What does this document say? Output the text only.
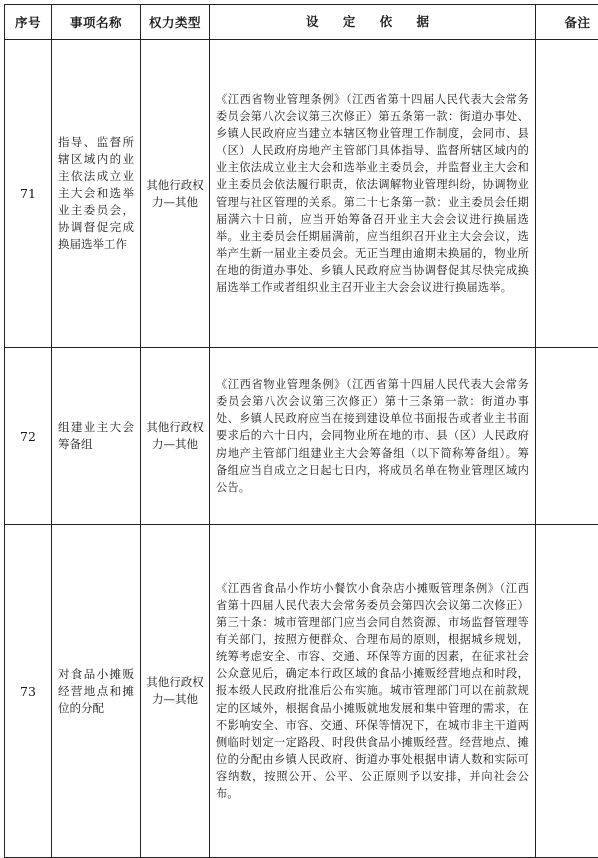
序号	事项名称	权力类型	设 定 依 据	备注
71	指导、监督所辖区域内的业主依法成立业主大会和选举业主委员会，协调督促完成换届选举工作	其他行政权力—其他	《江西省物业管理条例》（江西省第十四届人民代表大会常务委员会第八次会议第三次修正）第五条第一款：街道办事处、乡镇人民政府应当建立本辖区物业管理工作制度，会同市、县（区）人民政府房地产主管部门具体指导、监督所辖区域内的业主依法成立业主大会和选举业主委员会，并监督业主大会和业主委员会依法履行职责，依法调解物业管理纠纷，协调物业管理与社区管理的关系。第二十七条第一款：业主委员会任期届满六十日前，应当开始筹备召开业主大会会议进行换届选举。业主委员会任期届满前，应当组织召开业主大会会议，选举产生新一届业主委员会。无正当理由逾期未换届的，物业所在地的街道办事处、乡镇人民政府应当协调督促其尽快完成换届选举工作或者组织业主召开业主大会会议进行换届选举。	
72	组建业主大会筹备组	其他行政权力—其他	《江西省物业管理条例》（江西省第十四届人民代表大会常务委员会第八次会议第三次修正）第十三条第一款：街道办事处、乡镇人民政府应当在接到建设单位书面报告或者业主书面要求后的六十日内，会同物业所在地的市、县（区）人民政府房地产主管部门组建业主大会筹备组（以下简称筹备组）。筹备组应当自成立之日起七日内，将成员名单在物业管理区域内公告。	
73	对食品小摊贩经营地点和摊位的分配	其他行政权力—其他	《江西省食品小作坊小餐饮小食杂店小摊贩管理条例》（江西省第十四届人民代表大会常务委员会第四次会议第二次修正）第三十条：城市管理部门应当会同自然资源、市场监督管理等有关部门，按照方便群众、合理布局的原则，根据城乡规划，统筹考虑安全、市容、交通、环保等方面的因素，在征求社会公众意见后，确定本行政区域的食品小摊贩经营地点和时段，报本级人民政府批准后公布实施。城市管理部门可以在前款规定的区域外，根据食品小摊贩就地发展和集中管理的需求，在不影响安全、市容、交通、环保等情况下，在城市非主干道两侧临时划定一定路段、时段供食品小摊贩经营。经营地点、摊位的分配由乡镇人民政府、街道办事处根据申请人数和实际可容纳数，按照公开、公平、公正原则予以安排，并向社会公布。	
